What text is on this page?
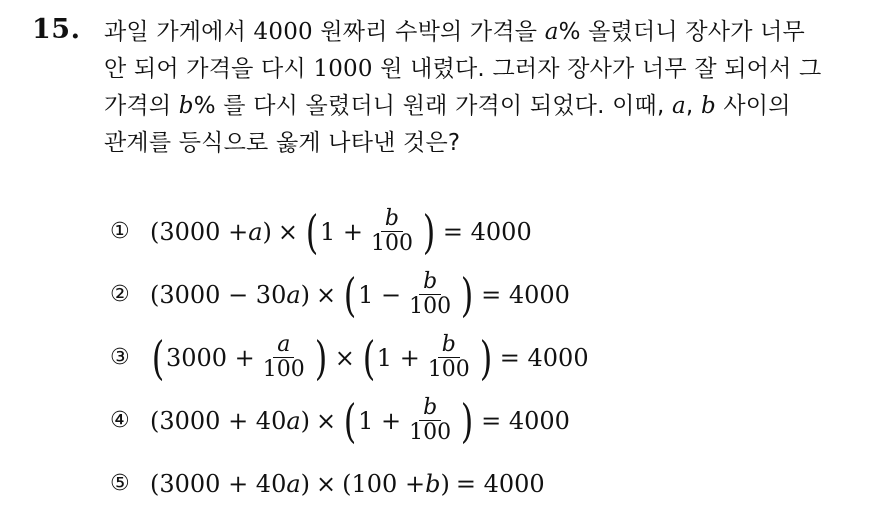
15. 과일 가게에서 4000 원짜리 수박의 가격을 a% 올렸더니 장사가 너무
안 되어 가격을 다시 1000 원 내렸다. 그러자 장사가 너무 잘 되어서 그
가격의 b% 를 다시 올렸더니 원래 가격이 되었다. 이때, a, b 사이의
관계를 등식으로 옳게 나타낸 것은?

① (3000 + a ) × ( $1 + \frac{b}{100}$ ) = 4000
② (3000 − 30 a ) × ( $1 - \frac{b}{100}$ ) = 4000
③ ( $3000 + \frac{a}{100}$ ) × ( $1 + \frac{b}{100}$ ) = 4000
④ (3000 + 40 a ) × ( $1 + \frac{b}{100}$ ) = 4000
⑤ (3000 + 40 a ) × (100 + b ) = 4000
